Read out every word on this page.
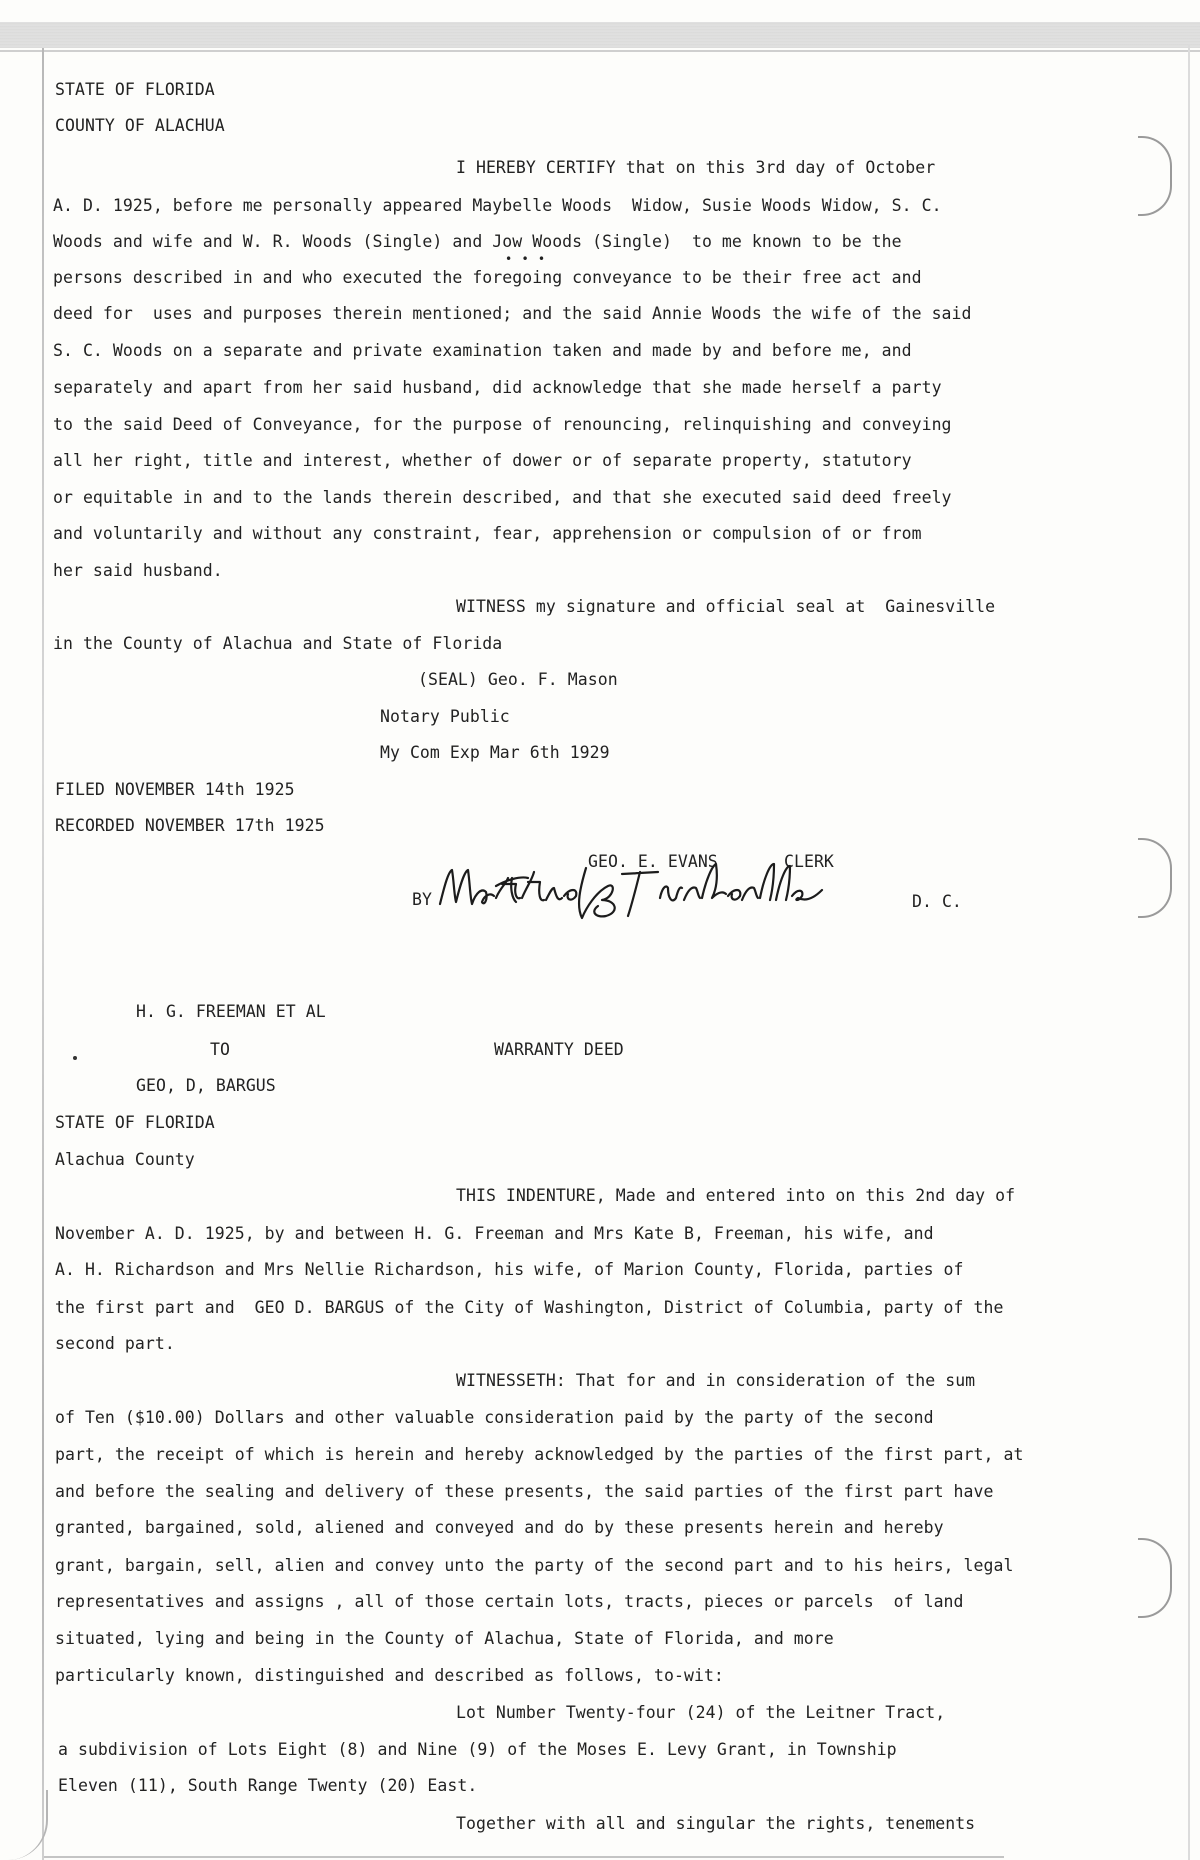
STATE OF FLORIDA

COUNTY OF ALACHUA

I HEREBY CERTIFY that on this 3rd day of October

A. D. 1925, before me personally appeared Maybelle Woods  Widow, Susie Woods Widow, S. C.

Woods and wife and W. R. Woods (Single) and Jow Woods (Single)  to me known to be the

• • •

persons described in and who executed the foregoing conveyance to be their free act and

deed for  uses and purposes therein mentioned; and the said Annie Woods the wife of the said

S. C. Woods on a separate and private examination taken and made by and before me, and

separately and apart from her said husband, did acknowledge that she made herself a party

to the said Deed of Conveyance, for the purpose of renouncing, relinquishing and conveying

all her right, title and interest, whether of dower or of separate property, statutory

or equitable in and to the lands therein described, and that she executed said deed freely

and voluntarily and without any constraint, fear, apprehension or compulsion of or from

her said husband.

WITNESS my signature and official seal at  Gainesville

in the County of Alachua and State of Florida

(SEAL) Geo. F. Mason

Notary Public

My Com Exp Mar 6th 1929

FILED NOVEMBER 14th 1925

RECORDED NOVEMBER 17th 1925

GEO. E. EVANS	CLERK

BY	D. C.

H. G. FREEMAN ET AL

TO	WARRANTY DEED

GEO, D, BARGUS

STATE OF FLORIDA

Alachua County

THIS INDENTURE, Made and entered into on this 2nd day of

November A. D. 1925, by and between H. G. Freeman and Mrs Kate B, Freeman, his wife, and

A. H. Richardson and Mrs Nellie Richardson, his wife, of Marion County, Florida, parties of

the first part and  GEO D. BARGUS of the City of Washington, District of Columbia, party of the

second part.

WITNESSETH: That for and in consideration of the sum

of Ten ($10.00) Dollars and other valuable consideration paid by the party of the second

part, the receipt of which is herein and hereby acknowledged by the parties of the first part, at

and before the sealing and delivery of these presents, the said parties of the first part have

granted, bargained, sold, aliened and conveyed and do by these presents herein and hereby

grant, bargain, sell, alien and convey unto the party of the second part and to his heirs, legal

representatives and assigns , all of those certain lots, tracts, pieces or parcels  of land

situated, lying and being in the County of Alachua, State of Florida, and more

particularly known, distinguished and described as follows, to-wit:

Lot Number Twenty-four (24) of the Leitner Tract,

a subdivision of Lots Eight (8) and Nine (9) of the Moses E. Levy Grant, in Township

Eleven (11), South Range Twenty (20) East.

Together with all and singular the rights, tenements
